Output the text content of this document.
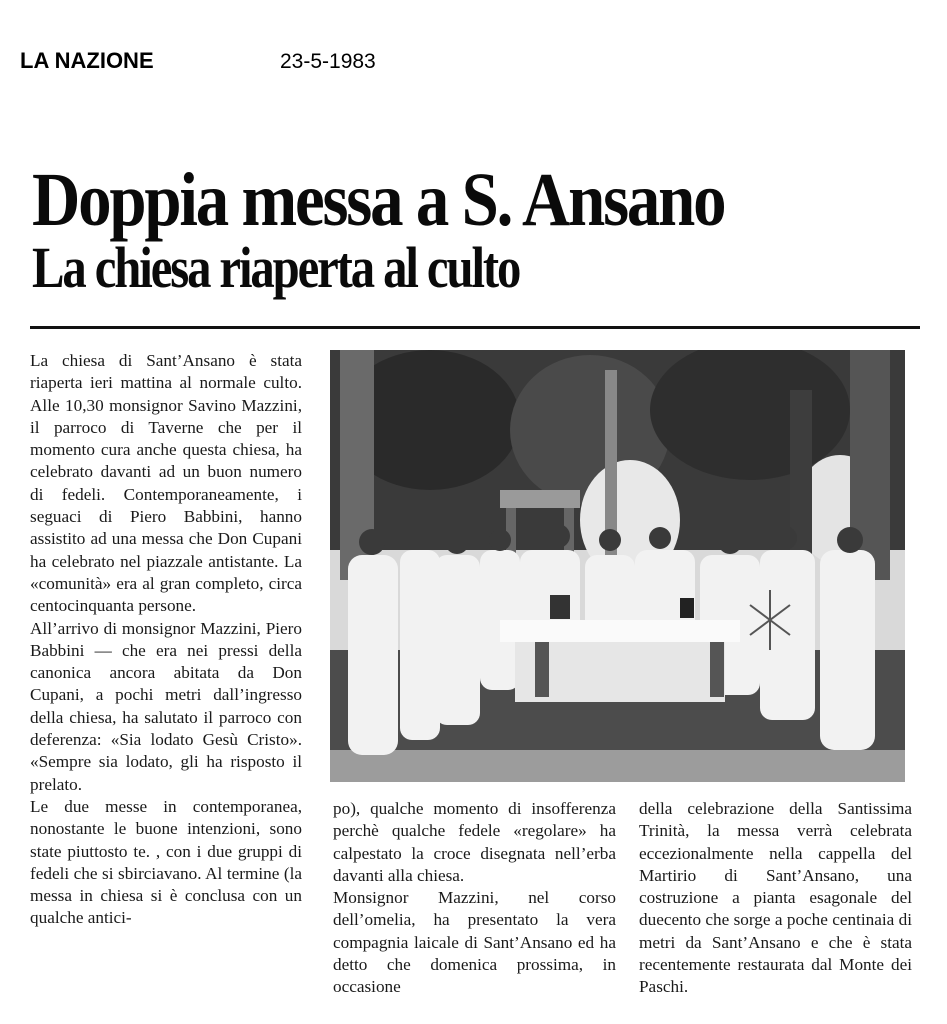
LA NAZIONE	23-5-1983
Doppia messa a S. Ansano
La chiesa riaperta al culto

La chiesa di Sant’Ansano è stata riaperta ieri mattina al normale culto. Alle 10,30 monsignor Savino Mazzini, il parroco di Taverne che per il momento cura anche questa chiesa, ha celebrato davanti ad un buon numero di fedeli. Contemporaneamente, i seguaci di Piero Babbini, hanno assistito ad una messa che Don Cupani ha celebrato nel piazzale antistante. La «comunità» era al gran completo, circa centocinquanta persone.

All’arrivo di monsignor Mazzini, Piero Babbini — che era nei pressi della canonica ancora abitata da Don Cupani, a pochi metri dall’ingresso della chiesa, ha salutato il parroco con deferenza: «Sia lodato Gesù Cristo». «Sempre sia lodato, gli ha risposto il prelato.

Le due messe in contemporanea, nonostante le buone intenzioni, sono state piuttosto te. , con i due gruppi di fedeli che si sbirciavano. Al termine (la messa in chiesa si è conclusa con un qualche antici-

po), qualche momento di insofferenza perchè qualche fedele «regolare» ha calpestato la croce disegnata nell’erba davanti alla chiesa.

Monsignor Mazzini, nel corso dell’omelia, ha presentato la vera compagnia laicale di Sant’Ansano ed ha detto che domenica prossima, in occasione

della celebrazione della Santissima Trinità, la messa verrà celebrata eccezionalmente nella cappella del Martirio di Sant’Ansano, una costruzione a pianta esagonale del duecento che sorge a poche centinaia di metri da Sant’Ansano e che è stata recentemente restaurata dal Monte dei Paschi.
